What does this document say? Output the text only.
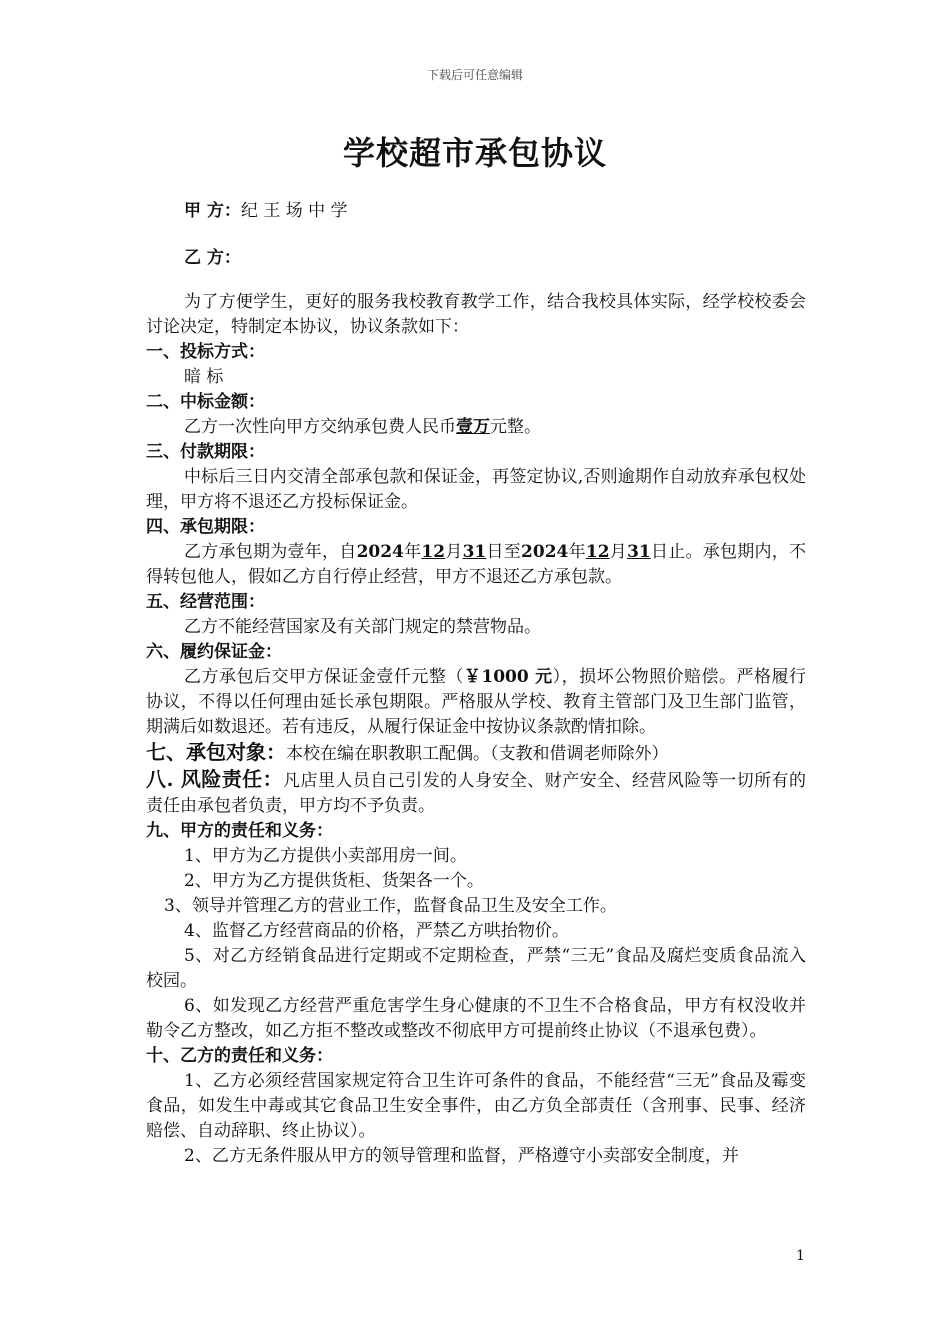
下载后可任意编辑
学校超市承包协议
甲 方：纪 王 场 中 学
乙 方：
为了方便学生，更好的服务我校教育教学工作，结合我校具体实际，经学校校委会讨论决定，特制定本协议，协议条款如下：
一、投标方式：
暗 标
二、中标金额：
乙方一次性向甲方交纳承包费人民币壹万元整。
三、付款期限：
中标后三日内交清全部承包款和保证金，再签定协议,否则逾期作自动放弃承包权处理，甲方将不退还乙方投标保证金。
四、承包期限：
乙方承包期为壹年，自2024年12月31日至2024年12月31日止。承包期内，不得转包他人，假如乙方自行停止经营，甲方不退还乙方承包款。
五、经营范围：
乙方不能经营国家及有关部门规定的禁营物品。
六、履约保证金：
乙方承包后交甲方保证金壹仟元整（￥1000 元），损坏公物照价赔偿。严格履行协议，不得以任何理由延长承包期限。严格服从学校、教育主管部门及卫生部门监管，期满后如数退还。若有违反，从履行保证金中按协议条款酌情扣除。
七、承包对象：本校在编在职教职工配偶。（支教和借调老师除外）
八. 风险责任：凡店里人员自己引发的人身安全、财产安全、经营风险等一切所有的责任由承包者负责，甲方均不予负责。
九、甲方的责任和义务：
1、甲方为乙方提供小卖部用房一间。
2、甲方为乙方提供货柜、货架各一个。
3、领导并管理乙方的营业工作，监督食品卫生及安全工作。
4、监督乙方经营商品的价格，严禁乙方哄抬物价。
5、对乙方经销食品进行定期或不定期检查，严禁“三无”食品及腐烂变质食品流入校园。
6、如发现乙方经营严重危害学生身心健康的不卫生不合格食品，甲方有权没收并勒令乙方整改，如乙方拒不整改或整改不彻底甲方可提前终止协议（不退承包费）。
十、乙方的责任和义务：
1、乙方必须经营国家规定符合卫生许可条件的食品，不能经营“三无”食品及霉变食品，如发生中毒或其它食品卫生安全事件，由乙方负全部责任（含刑事、民事、经济赔偿、自动辞职、终止协议）。
2、乙方无条件服从甲方的领导管理和监督，严格遵守小卖部安全制度，并
1
